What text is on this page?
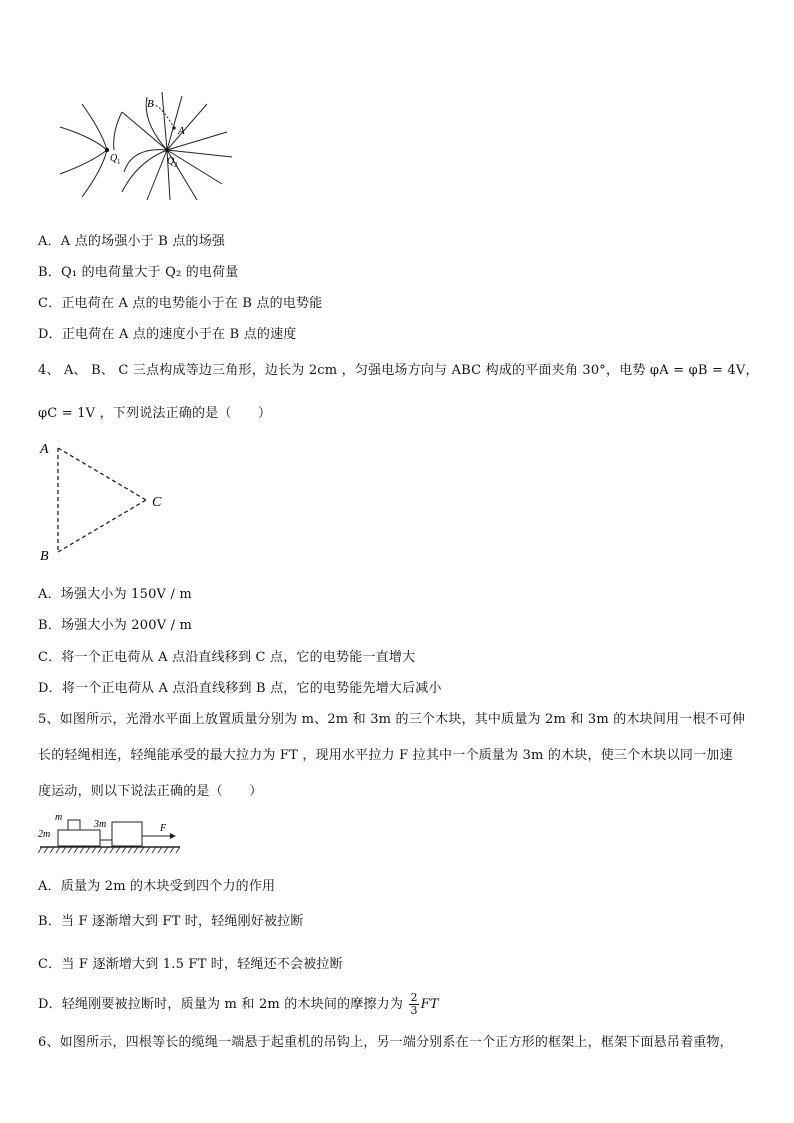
B
A
Q 1	Q 2
A．A 点的场强小于 B 点的场强
B．Q₁ 的电荷量大于 Q₂ 的电荷量
C．正电荷在 A 点的电势能小于在 B 点的电势能
D．正电荷在 A 点的速度小于在 B 点的速度
4、 A、 B、 C 三点构成等边三角形，边长为 2cm ，匀强电场方向与 ABC 构成的平面夹角 30°，电势 φA = φB = 4V，
φC = 1V ，下列说法正确的是（　　）
A
B
C
A．场强大小为 150V / m
B．场强大小为 200V / m
C．将一个正电荷从 A 点沿直线移到 C 点，它的电势能一直增大
D．将一个正电荷从 A 点沿直线移到 B 点，它的电势能先增大后减小
5、如图所示，光滑水平面上放置质量分别为 m、2m 和 3m 的三个木块，其中质量为 2m 和 3m 的木块间用一根不可伸
长的轻绳相连，轻绳能承受的最大拉力为 FT ，现用水平拉力 F 拉其中一个质量为 3m 的木块，使三个木块以同一加速
度运动，则以下说法正确的是（　　）
m
2m
3m	F
A．质量为 2m 的木块受到四个力的作用
B．当 F 逐渐增大到 FT 时，轻绳刚好被拉断
C．当 F 逐渐增大到 1.5 FT 时，轻绳还不会被拉断
D．轻绳刚要被拉断时，质量为 m 和 2m 的木块间的摩擦力为 $\frac{2}{3}$ FT
6、如图所示，四根等长的缆绳一端悬于起重机的吊钩上，另一端分别系在一个正方形的框架上，框架下面悬吊着重物，
